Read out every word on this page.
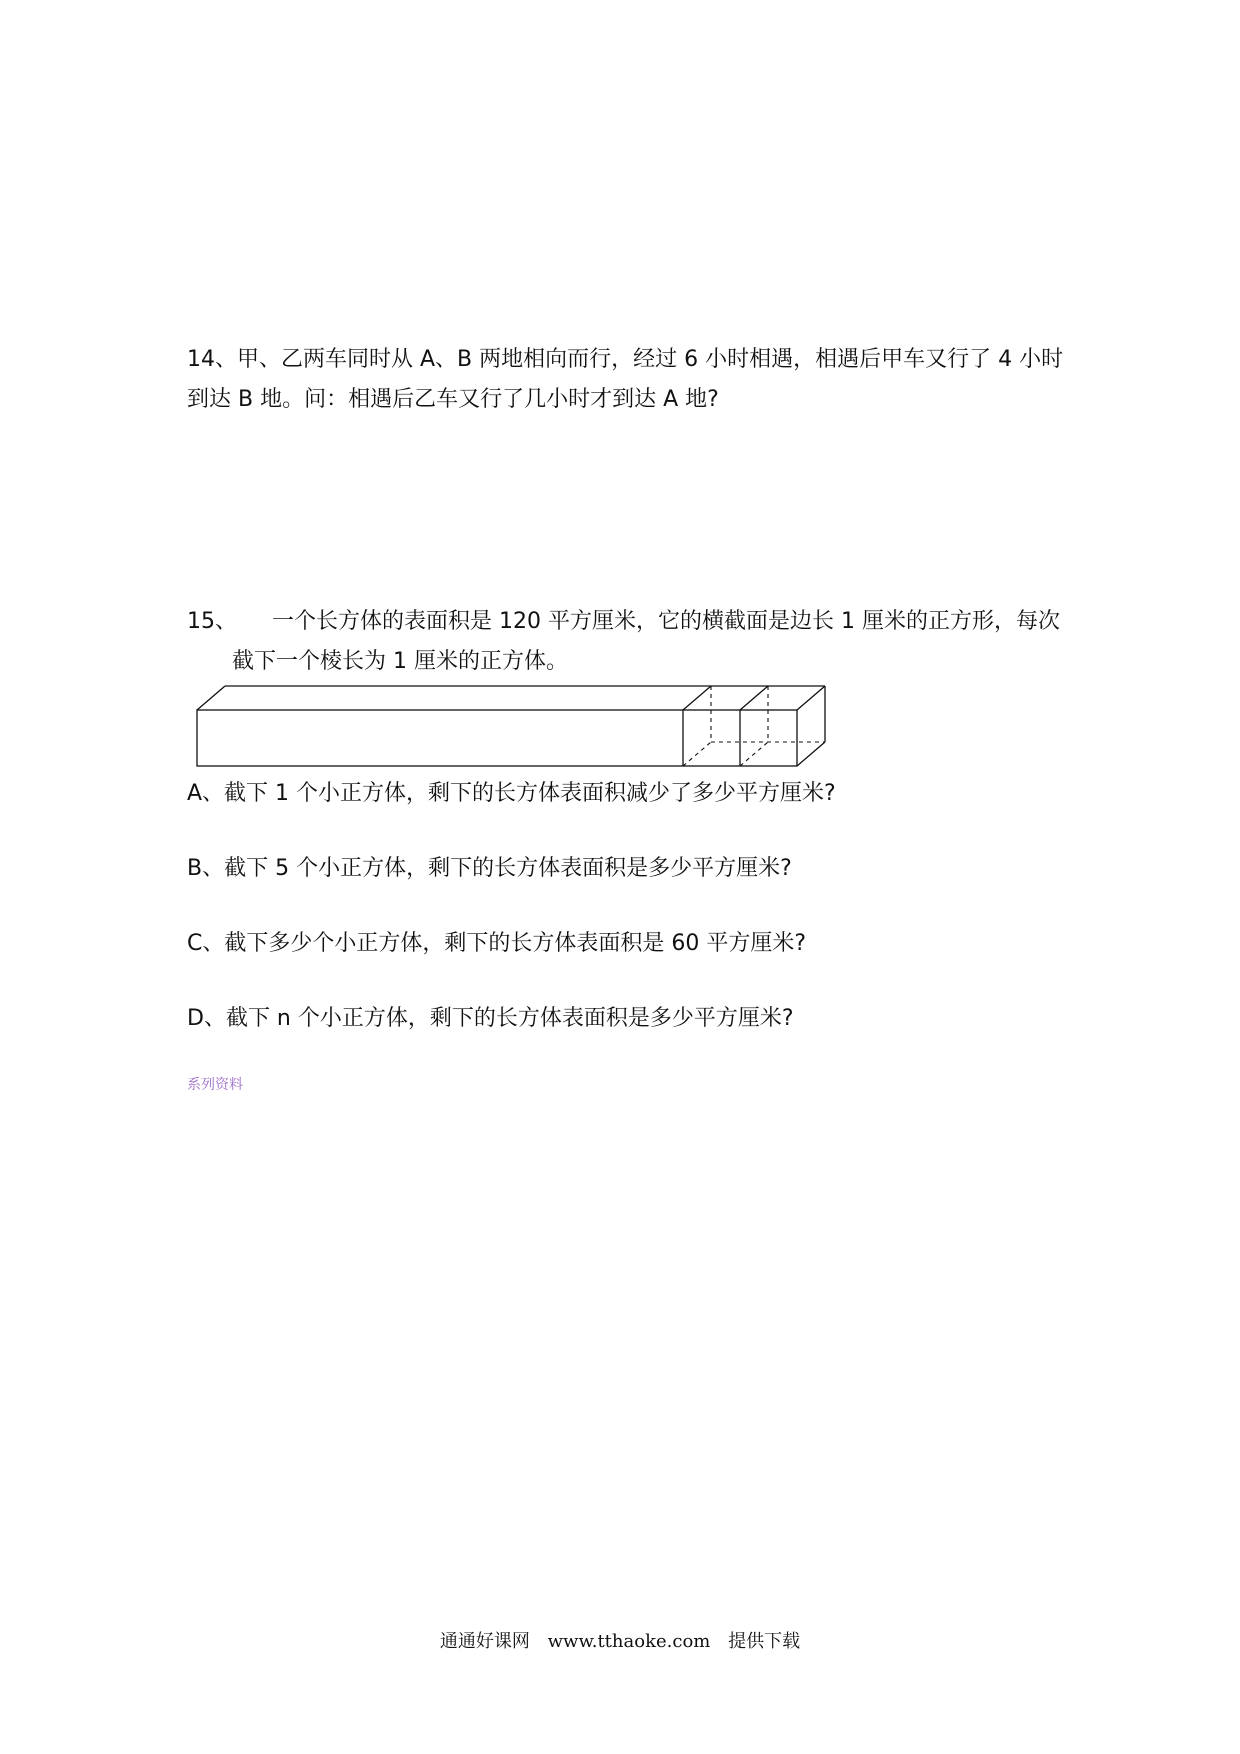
14、甲、乙两车同时从 A、B 两地相向而行，经过 6 小时相遇，相遇后甲车又行了 4 小时
到达 B 地。问：相遇后乙车又行了几小时才到达 A 地?
15、 一个长方体的表面积是 120 平方厘米，它的横截面是边长 1 厘米的正方形，每次
截下一个棱长为 1 厘米的正方体。
A、截下 1 个小正方体，剩下的长方体表面积减少了多少平方厘米?
B、截下 5 个小正方体，剩下的长方体表面积是多少平方厘米?
C、截下多少个小正方体，剩下的长方体表面积是 60 平方厘米?
D、截下 n 个小正方体，剩下的长方体表面积是多少平方厘米?
系列资料
通通好课网 www.tthaoke.com 提供下载
